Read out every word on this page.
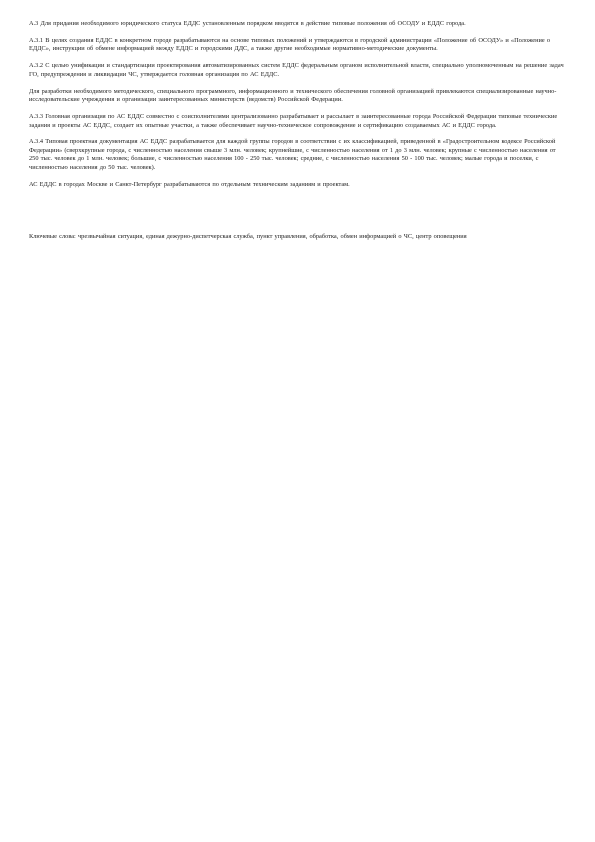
А.3 Для придания необходимого юридического статуса ЕДДС установленным порядком вводятся в действие типовые положения об ОСОДУ и ЕДДС города.

А.3.1 В целях создания ЕДДС в конкретном городе разрабатываются на основе типовых положений и утверждаются в городской администрации «Положение об ОСОДУ» и «Положение о ЕДДС», инструкции об обмене информацией между ЕДДС и городскими ДДС, а также другие необходимые нормативно-методические документы.

А.3.2 С целью унификации и стандартизации проектирования автоматизированных систем ЕДДС федеральным органом исполнительной власти, специально уполномоченным на решение задач ГО, предупреждения и ликвидации ЧС, утверждается головная организация по АС ЕДДС.

Для разработки необходимого методического, специального программного, информационного и технического обеспечения головной организацией привлекаются специализированные научно-исследовательские учреждения и организации заинтересованных министерств (ведомств) Российской Федерации.

А.3.3 Головная организация по АС ЕДДС совместно с соисполнителями централизованно разрабатывает и рассылает в заинтересованные города Российской Федерации типовые технические задания и проекты АС ЕДДС, создает их опытные участки, а также обеспечивает научно-техническое сопровождение и сертификацию создаваемых АС и ЕДДС города.

А.3.4 Типовая проектная документация АС ЕДДС разрабатывается для каждой группы городов в соответствии с их классификацией, приведенной в «Градостроительном кодексе Российской Федерации» (сверхкрупные города, с численностью населения свыше 3 млн. человек; крупнейшие, с численностью населения от 1 до 3 млн. человек; крупные с численностью населения от 250 тыс. человек до 1 млн. человек; большие, с численностью населения 100 - 250 тыс. человек; средние, с численностью населения 50 - 100 тыс. человек; малые города и поселки, с численностью населения до 50 тыс. человек).

АС ЕДДС в городах Москве и Санкт-Петербург разрабатываются по отдельным техническим заданиям и проектам.

Ключевые слова: чрезвычайная ситуация, единая дежурно-диспетчерская служба, пункт управления, обработка, обмен информацией о ЧС, центр оповещения
